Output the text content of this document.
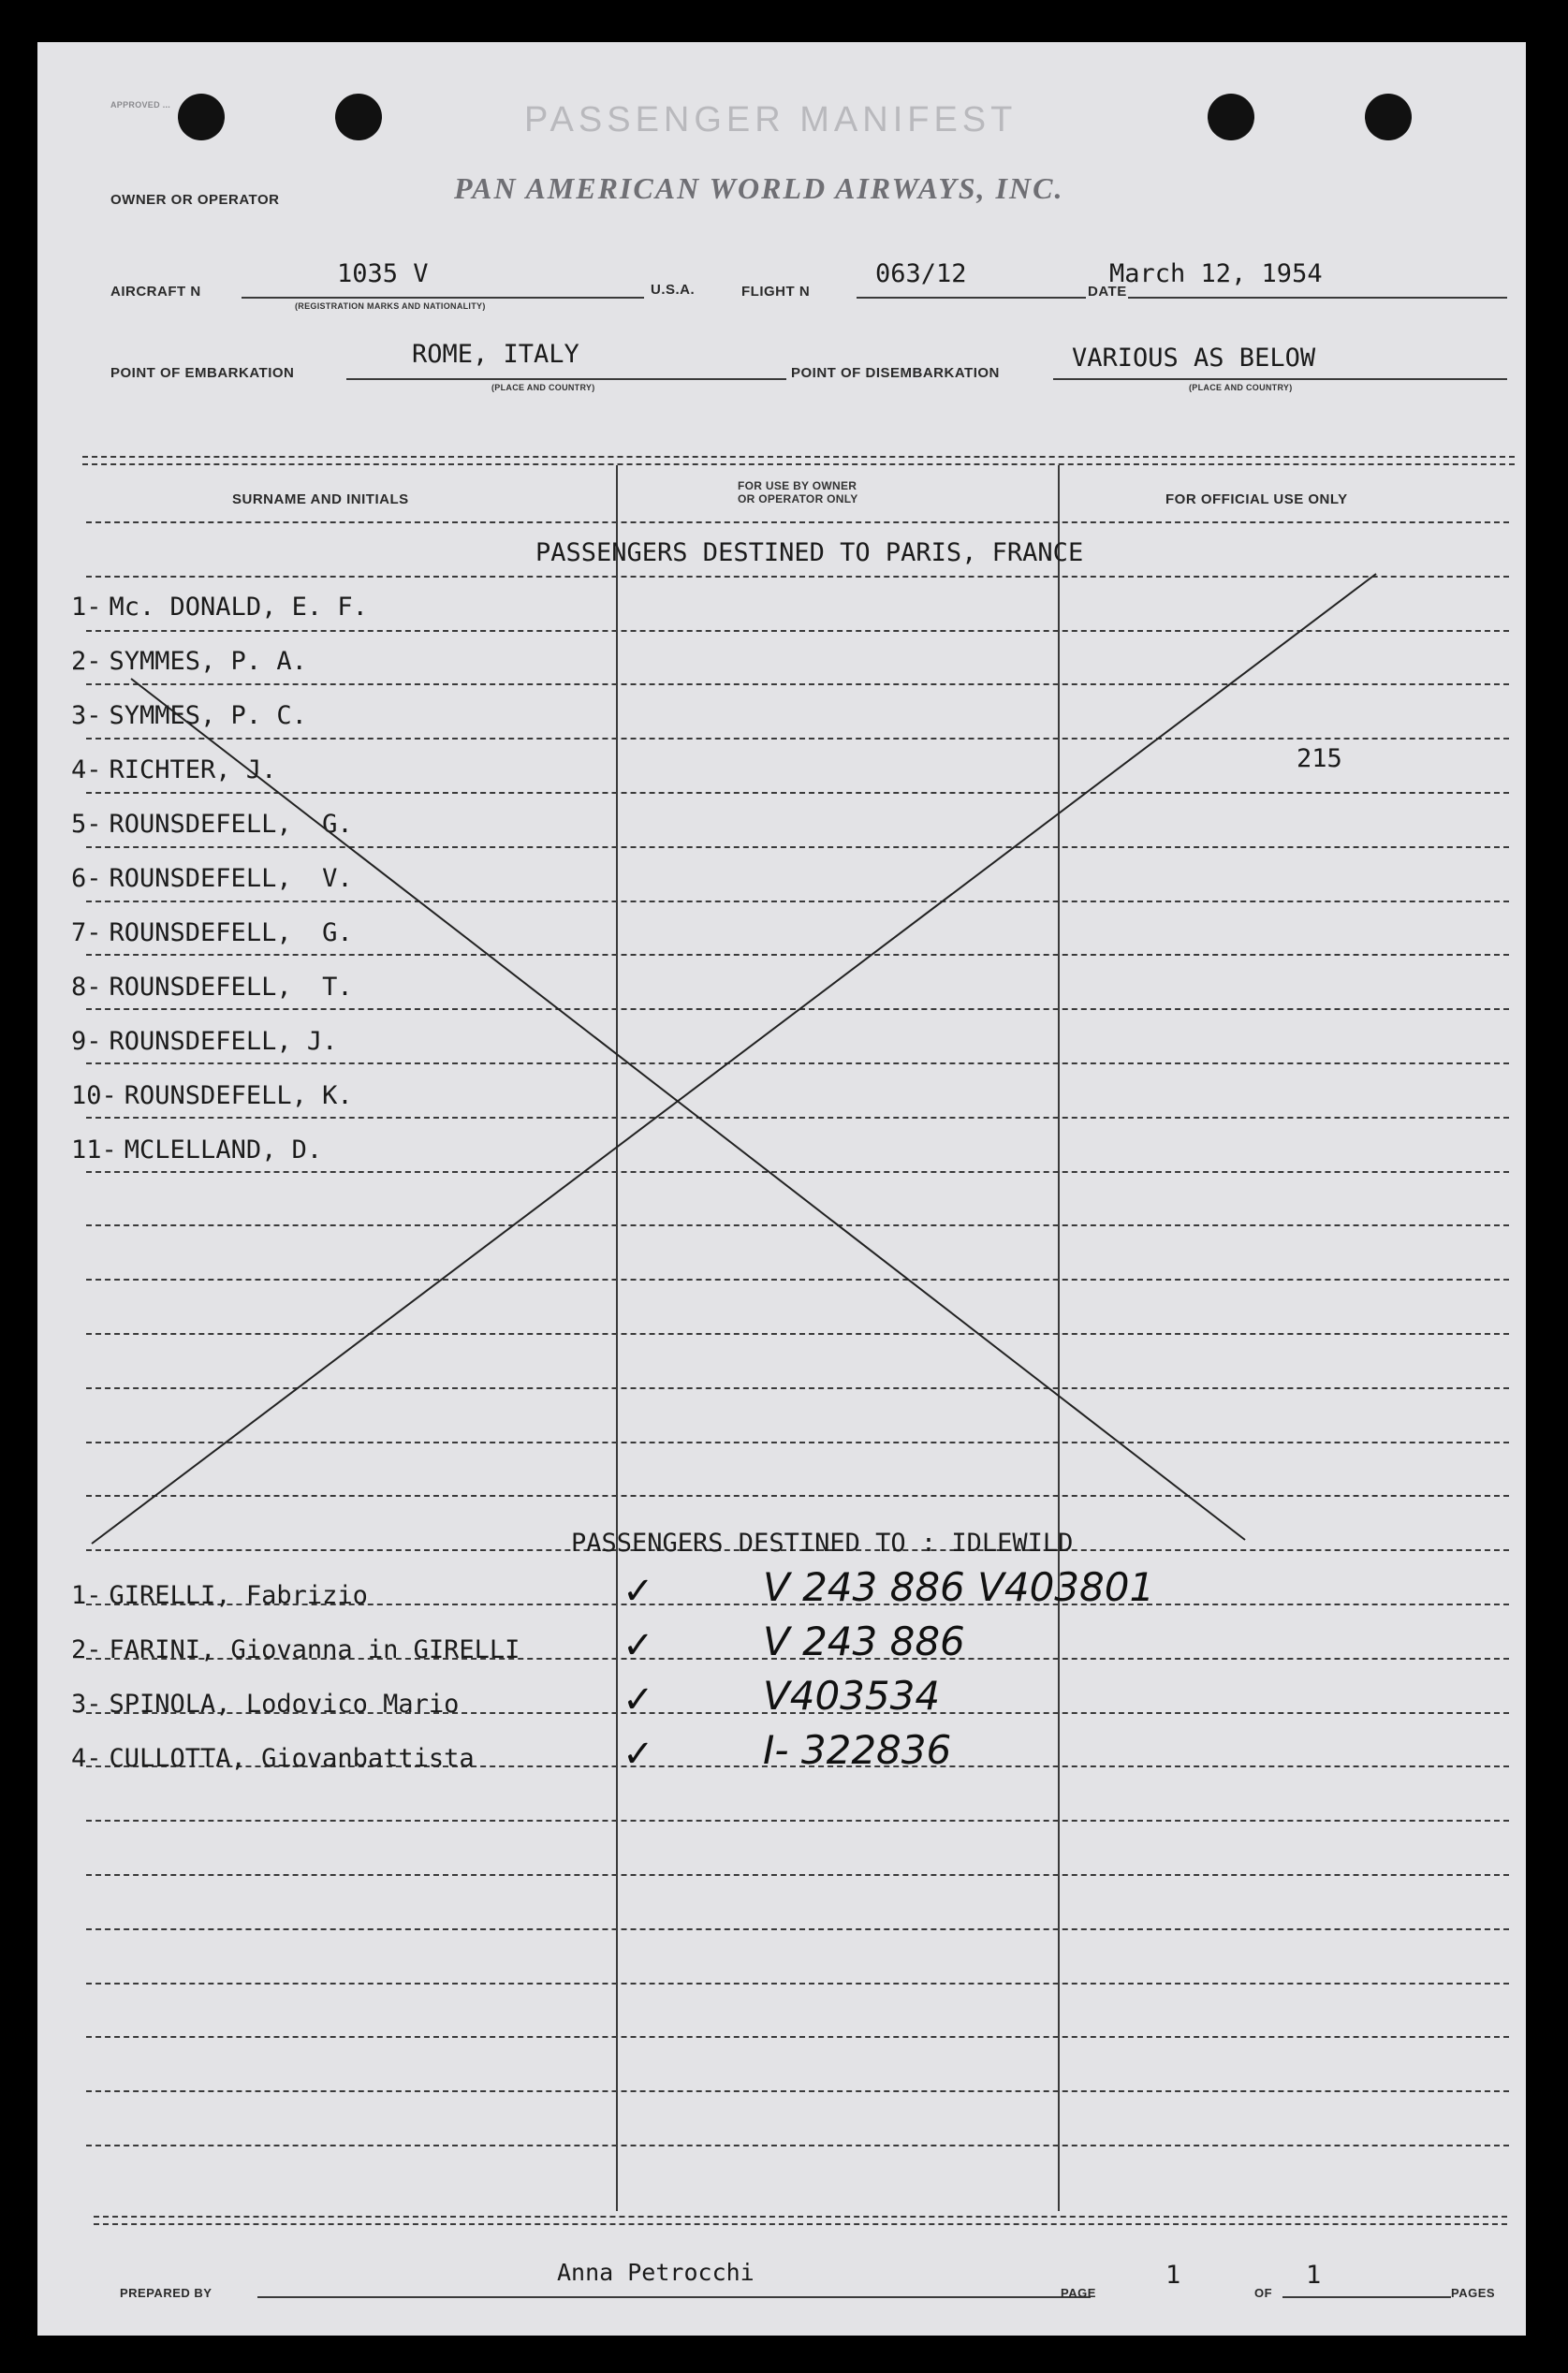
APPROVED ...	PASSENGER MANIFEST
OWNER OR OPERATOR	PAN AMERICAN WORLD AIRWAYS, INC.
AIRCRAFT N
1035 V
(REGISTRATION MARKS AND NATIONALITY)
U.S.A.	FLIGHT N
063/12
DATE
March 12, 1954
POINT OF EMBARKATION
ROME, ITALY
(PLACE AND COUNTRY)
POINT OF DISEMBARKATION
VARIOUS AS BELOW
(PLACE AND COUNTRY)
SURNAME AND INITIALS
FOR USE BY OWNER
OR OPERATOR ONLY	FOR OFFICIAL USE ONLY
PASSENGERS DESTINED TO PARIS, FRANCE
215
1- Mc. DONALD, E. F.
2- SYMMES, P. A.
3- SYMMES, P. C.
4- RICHTER, J.
5- ROUNSDEFELL,  G.
6- ROUNSDEFELL,  V.
7- ROUNSDEFELL,  G.
8- ROUNSDEFELL,  T.
9- ROUNSDEFELL, J.
10- ROUNSDEFELL, K.
11- MCLELLAND, D.
PASSENGERS DESTINED TO : IDLEWILD
1- GIRELLI, Fabrizio	✓	V 243 886 V403801
2- FARINI, Giovanna in GIRELLI	✓	V 243 886
3- SPINOLA, Lodovico Mario	✓	V403534
4- CULLOTTA, Giovanbattista	✓	I- 322836
PREPARED BY
Anna Petrocchi
PAGE
1
OF
1
PAGES
